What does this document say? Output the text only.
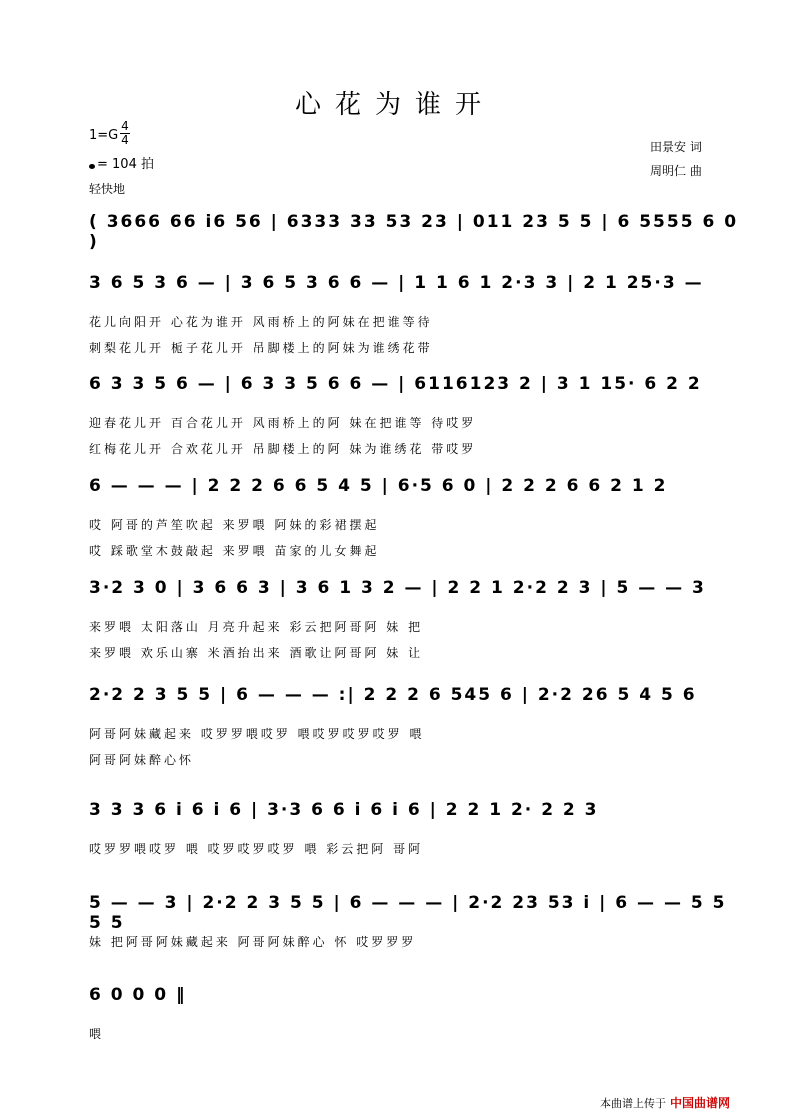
心花为谁开
1=G
4
4
= 104 拍
轻快地
田景安 词
周明仁 曲
( 3666 66 i6 56 | 6333 33 53 23 | 011 23 5 5 | 6 5555 6 0 )
3 6 5 3 6 — | 3 6 5 3 6 6 — | 1 1 6 1 2·3 3 | 2 1 25·3 —
花儿向阳开 心花为谁开 风雨桥上的阿妹在把谁等待
刺梨花儿开 栀子花儿开 吊脚楼上的阿妹为谁绣花带
6 3 3 5 6 — | 6 3 3 5 6 6 — | 6116123 2 | 3 1 15· 6 2 2
迎春花儿开 百合花儿开 风雨桥上的阿 妹在把谁等 待哎罗
红梅花儿开 合欢花儿开 吊脚楼上的阿 妹为谁绣花 带哎罗
6 — — — | 2 2 2 6 6 5 4 5 | 6·5 6 0 | 2 2 2 6 6 2 1 2
哎 阿哥的芦笙吹起 来罗喂 阿妹的彩裙摆起
哎 踩歌堂木鼓敲起 来罗喂 苗家的儿女舞起
3·2 3 0 | 3 6 6 3 | 3 6 1 3 2 — | 2 2 1 2·2 2 3 | 5 — — 3
来罗喂 太阳落山 月亮升起来 彩云把阿哥阿 妹 把
来罗喂 欢乐山寨 米酒抬出来 酒歌让阿哥阿 妹 让
2·2 2 3 5 5 | 6 — — — :| 2 2 2 6 545 6 | 2·2 26 5 4 5 6
阿哥阿妹藏起来 哎罗罗喂哎罗 喂哎罗哎罗哎罗 喂
阿哥阿妹醉心怀
3 3 3 6 i 6 i 6 | 3·3 6 6 i 6 i 6 | 2 2 1 2· 2 2 3
哎罗罗喂哎罗 喂 哎罗哎罗哎罗 喂 彩云把阿 哥阿
5 — — 3 | 2·2 2 3 5 5 | 6 — — — | 2·2 23 53 i | 6 — — 5 5 5 5
妹 把阿哥阿妹藏起来 阿哥阿妹醉心 怀 哎罗罗罗
6 0 0 0 ‖
喂
本曲谱上传于 中国曲谱网
